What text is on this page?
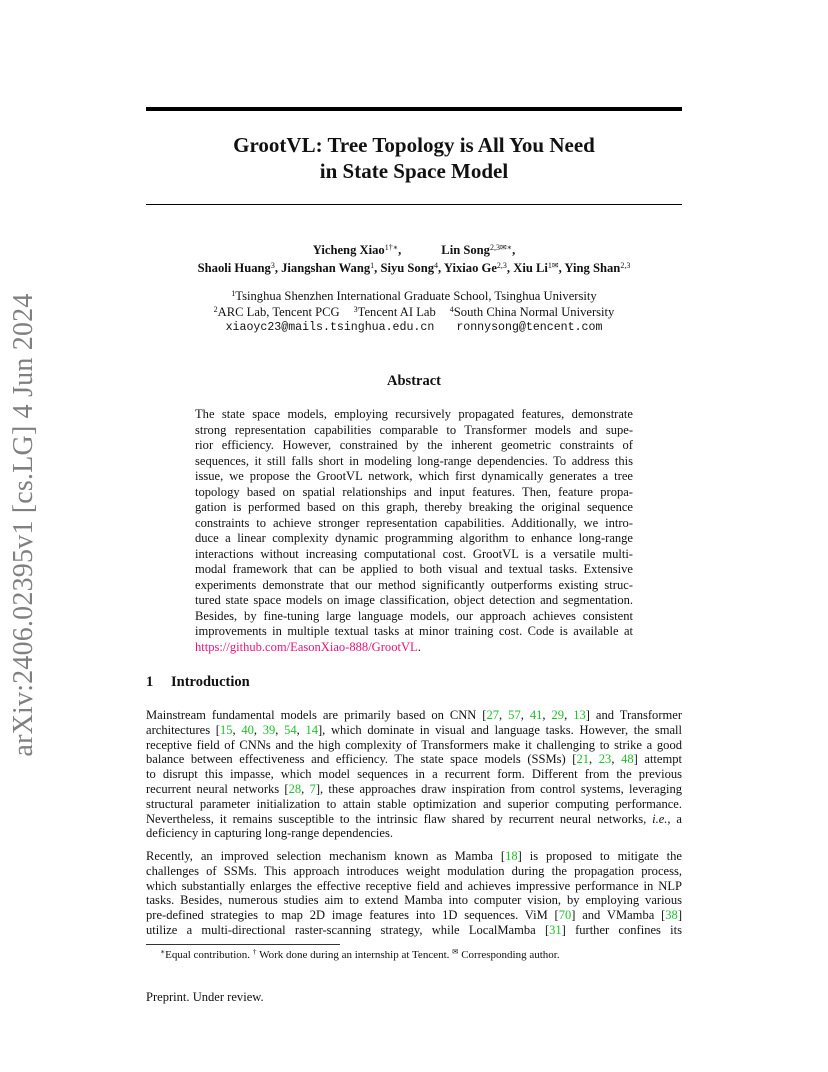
arXiv:2406.02395v1 [cs.LG] 4 Jun 2024
GrootVL: Tree Topology is All You Need
in State Space Model
Yicheng Xiao$^{1\dagger∗}$,	Lin Song$^{2,3✉∗}$,
Shaoli Huang$^3$, Jiangshan Wang$^1$, Siyu Song$^4$, Yixiao Ge$^{2,3}$, Xiu $Li^{1✉}$, Ying Shan$^{2,3}$
$^1$Tsinghua Shenzhen International Graduate School, Tsinghua University
$^2$ARC Lab, Tencent PCG $^3$Tencent AI Lab $^4$South China Normal University
xiaoyc23@mails.tsinghua.edu.cn ronnysong@tencent.com
Abstract
The state space models, employing recursively propagated features, demonstrate
strong representation capabilities comparable to Transformer models and supe-
rior efficiency. However, constrained by the inherent geometric constraints of
sequences, it still falls short in modeling long-range dependencies. To address this
issue, we propose the GrootVL network, which first dynamically generates a tree
topology based on spatial relationships and input features. Then, feature propa-
gation is performed based on this graph, thereby breaking the original sequence
constraints to achieve stronger representation capabilities. Additionally, we intro-
duce a linear complexity dynamic programming algorithm to enhance long-range
interactions without increasing computational cost. GrootVL is a versatile multi-
modal framework that can be applied to both visual and textual tasks. Extensive
experiments demonstrate that our method significantly outperforms existing struc-
tured state space models on image classification, object detection and segmentation.
Besides, by fine-tuning large language models, our approach achieves consistent
improvements in multiple textual tasks at minor training cost. Code is available at
https://github.com/EasonXiao-888/GrootVL.
1 Introduction
Mainstream fundamental models are primarily based on CNN [27, 57, 41, 29, 13] and Transformer
architectures [15, 40, 39, 54, 14], which dominate in visual and language tasks. However, the small
receptive field of CNNs and the high complexity of Transformers make it challenging to strike a good
balance between effectiveness and efficiency. The state space models (SSMs) [21, 23, 48] attempt
to disrupt this impasse, which model sequences in a recurrent form. Different from the previous
recurrent neural networks [28, 7], these approaches draw inspiration from control systems, leveraging
structural parameter initialization to attain stable optimization and superior computing performance.
Nevertheless, it remains susceptible to the intrinsic flaw shared by recurrent neural networks, i.e., a
deficiency in capturing long-range dependencies.
Recently, an improved selection mechanism known as Mamba [18] is proposed to mitigate the
challenges of SSMs. This approach introduces weight modulation during the propagation process,
which substantially enlarges the effective receptive field and achieves impressive performance in NLP
tasks. Besides, numerous studies aim to extend Mamba into computer vision, by employing various
pre-defined strategies to map 2D image features into 1D sequences. ViM [70] and VMamba [38]
utilize a multi-directional raster-scanning strategy, while LocalMamba [31] further confines its
∗Equal contribution. † Work done during an internship at Tencent. ✉ Corresponding author.
Preprint. Under review.
